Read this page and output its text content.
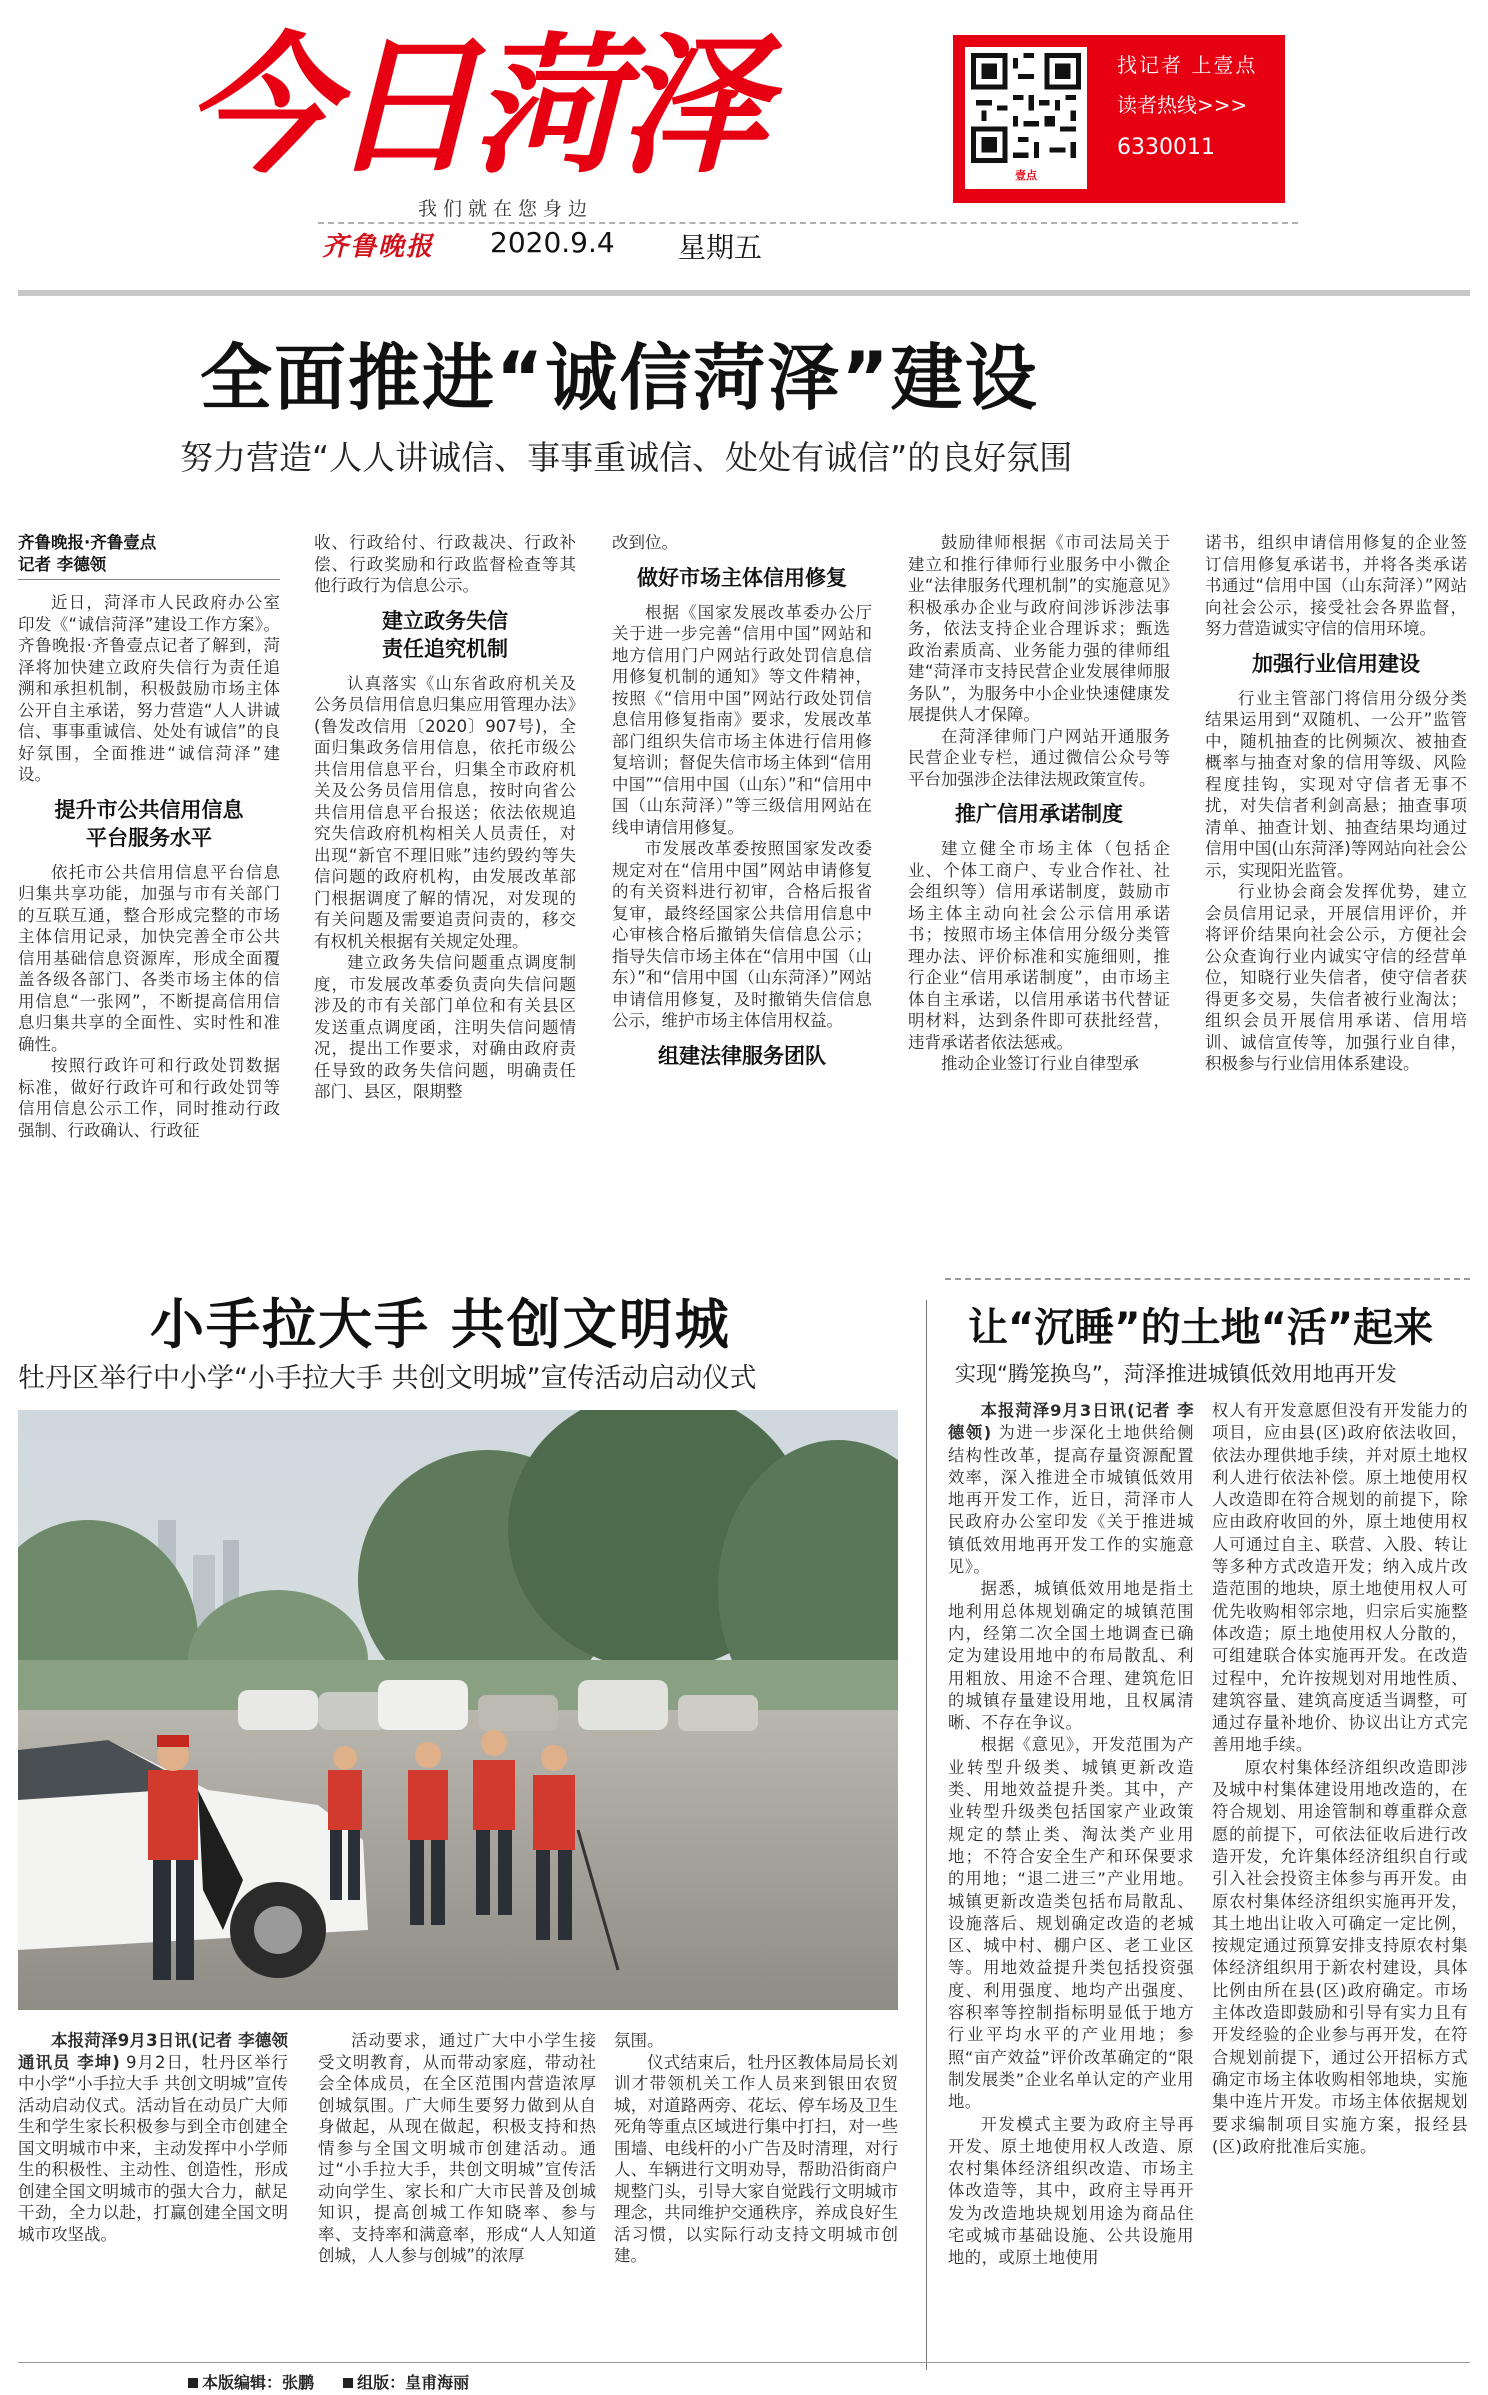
今日菏泽
我们就在您身边
齐鲁晚报 2020.9.4 星期五
壹点
找记者 上壹点
读者热线>>>
6330011
全面推进“诚信菏泽”建设
努力营造“人人讲诚信、事事重诚信、处处有诚信”的良好氛围
齐鲁晚报·齐鲁壹点
记者 李德领

近日，菏泽市人民政府办公室印发《“诚信菏泽”建设工作方案》。齐鲁晚报·齐鲁壹点记者了解到，菏泽将加快建立政府失信行为责任追溯和承担机制，积极鼓励市场主体公开自主承诺，努力营造“人人讲诚信、事事重诚信、处处有诚信”的良好氛围，全面推进“诚信菏泽”建设。

提升市公共信用信息
平台服务水平

依托市公共信用信息平台信息归集共享功能，加强与市有关部门的互联互通，整合形成完整的市场主体信用记录，加快完善全市公共信用基础信息资源库，形成全面覆盖各级各部门、各类市场主体的信用信息“一张网”，不断提高信用信息归集共享的全面性、实时性和准确性。

按照行政许可和行政处罚数据标准，做好行政许可和行政处罚等信用信息公示工作，同时推动行政强制、行政确认、行政征

收、行政给付、行政裁决、行政补偿、行政奖励和行政监督检查等其他行政行为信息公示。

建立政务失信
责任追究机制

认真落实《山东省政府机关及公务员信用信息归集应用管理办法》(鲁发改信用〔2020〕907号)，全面归集政务信用信息，依托市级公共信用信息平台，归集全市政府机关及公务员信用信息，按时向省公共信用信息平台报送；依法依规追究失信政府机构相关人员责任，对出现“新官不理旧账”违约毁约等失信问题的政府机构，由发展改革部门根据调度了解的情况，对发现的有关问题及需要追责问责的，移交有权机关根据有关规定处理。

建立政务失信问题重点调度制度，市发展改革委负责向失信问题涉及的市有关部门单位和有关县区发送重点调度函，注明失信问题情况，提出工作要求，对确由政府责任导致的政务失信问题，明确责任部门、县区，限期整

改到位。

做好市场主体信用修复

根据《国家发展改革委办公厅关于进一步完善“信用中国”网站和地方信用门户网站行政处罚信息信用修复机制的通知》等文件精神，按照《“信用中国”网站行政处罚信息信用修复指南》要求，发展改革部门组织失信市场主体进行信用修复培训；督促失信市场主体到“信用中国”“信用中国（山东）”和“信用中国（山东菏泽）”等三级信用网站在线申请信用修复。

市发展改革委按照国家发改委规定对在“信用中国”网站申请修复的有关资料进行初审，合格后报省复审，最终经国家公共信用信息中心审核合格后撤销失信信息公示；指导失信市场主体在“信用中国（山东）”和“信用中国（山东菏泽）”网站申请信用修复，及时撤销失信信息公示，维护市场主体信用权益。

组建法律服务团队

鼓励律师根据《市司法局关于建立和推行律师行业服务中小微企业“法律服务代理机制”的实施意见》积极承办企业与政府间涉诉涉法事务，依法支持企业合理诉求；甄选政治素质高、业务能力强的律师组建“菏泽市支持民营企业发展律师服务队”，为服务中小企业快速健康发展提供人才保障。

在菏泽律师门户网站开通服务民营企业专栏，通过微信公众号等平台加强涉企法律法规政策宣传。

推广信用承诺制度

建立健全市场主体（包括企业、个体工商户、专业合作社、社会组织等）信用承诺制度，鼓励市场主体主动向社会公示信用承诺书；按照市场主体信用分级分类管理办法、评价标准和实施细则，推行企业“信用承诺制度”，由市场主体自主承诺，以信用承诺书代替证明材料，达到条件即可获批经营，违背承诺者依法惩戒。

推动企业签订行业自律型承

诺书，组织申请信用修复的企业签订信用修复承诺书，并将各类承诺书通过“信用中国（山东菏泽）”网站向社会公示，接受社会各界监督，努力营造诚实守信的信用环境。

加强行业信用建设

行业主管部门将信用分级分类结果运用到“双随机、一公开”监管中，随机抽查的比例频次、被抽查概率与抽查对象的信用等级、风险程度挂钩，实现对守信者无事不扰，对失信者利剑高悬；抽查事项清单、抽查计划、抽查结果均通过信用中国(山东菏泽)等网站向社会公示，实现阳光监管。

行业协会商会发挥优势，建立会员信用记录，开展信用评价，并将评价结果向社会公示，方便社会公众查询行业内诚实守信的经营单位，知晓行业失信者，使守信者获得更多交易，失信者被行业淘汰；组织会员开展信用承诺、信用培训、诚信宣传等，加强行业自律，积极参与行业信用体系建设。

小手拉大手 共创文明城
牡丹区举行中小学“小手拉大手 共创文明城”宣传活动启动仪式

本报菏泽9月3日讯(记者 李德领 通讯员 李坤) 9月2日，牡丹区举行中小学“小手拉大手 共创文明城”宣传活动启动仪式。活动旨在动员广大师生和学生家长积极参与到全市创建全国文明城市中来，主动发挥中小学师生的积极性、主动性、创造性，形成创建全国文明城市的强大合力，献足干劲，全力以赴，打赢创建全国文明城市攻坚战。

活动要求，通过广大中小学生接受文明教育，从而带动家庭，带动社会全体成员，在全区范围内营造浓厚创城氛围。广大师生要努力做到从自身做起，从现在做起，积极支持和热情参与全国文明城市创建活动。通过“小手拉大手，共创文明城”宣传活动向学生、家长和广大市民普及创城知识，提高创城工作知晓率、参与率、支持率和满意率，形成“人人知道创城，人人参与创城”的浓厚

氛围。

仪式结束后，牡丹区教体局局长刘训才带领机关工作人员来到银田农贸城，对道路两旁、花坛、停车场及卫生死角等重点区域进行集中打扫，对一些围墙、电线杆的小广告及时清理，对行人、车辆进行文明劝导，帮助沿街商户规整门头，引导大家自觉践行文明城市理念，共同维护交通秩序，养成良好生活习惯，以实际行动支持文明城市创建。

让“沉睡”的土地“活”起来
实现“腾笼换鸟”，菏泽推进城镇低效用地再开发

本报菏泽9月3日讯(记者 李德领) 为进一步深化土地供给侧结构性改革，提高存量资源配置效率，深入推进全市城镇低效用地再开发工作，近日，菏泽市人民政府办公室印发《关于推进城镇低效用地再开发工作的实施意见》。

据悉，城镇低效用地是指土地利用总体规划确定的城镇范围内，经第二次全国土地调查已确定为建设用地中的布局散乱、利用粗放、用途不合理、建筑危旧的城镇存量建设用地，且权属清晰、不存在争议。

根据《意见》，开发范围为产业转型升级类、城镇更新改造类、用地效益提升类。其中，产业转型升级类包括国家产业政策规定的禁止类、淘汰类产业用地；不符合安全生产和环保要求的用地；“退二进三”产业用地。城镇更新改造类包括布局散乱、设施落后、规划确定改造的老城区、城中村、棚户区、老工业区等。用地效益提升类包括投资强度、利用强度、地均产出强度、容积率等控制指标明显低于地方行业平均水平的产业用地；参照“亩产效益”评价改革确定的“限制发展类”企业名单认定的产业用地。

开发模式主要为政府主导再开发、原土地使用权人改造、原农村集体经济组织改造、市场主体改造等，其中，政府主导再开发为改造地块规划用途为商品住宅或城市基础设施、公共设施用地的，或原土地使用

权人有开发意愿但没有开发能力的项目，应由县(区)政府依法收回，依法办理供地手续，并对原土地权利人进行依法补偿。原土地使用权人改造即在符合规划的前提下，除应由政府收回的外，原土地使用权人可通过自主、联营、入股、转让等多种方式改造开发；纳入成片改造范围的地块，原土地使用权人可优先收购相邻宗地，归宗后实施整体改造；原土地使用权人分散的，可组建联合体实施再开发。在改造过程中，允许按规划对用地性质、建筑容量、建筑高度适当调整，可通过存量补地价、协议出让方式完善用地手续。

原农村集体经济组织改造即涉及城中村集体建设用地改造的，在符合规划、用途管制和尊重群众意愿的前提下，可依法征收后进行改造开发，允许集体经济组织自行或引入社会投资主体参与再开发。由原农村集体经济组织实施再开发，其土地出让收入可确定一定比例，按规定通过预算安排支持原农村集体经济组织用于新农村建设，具体比例由所在县(区)政府确定。市场主体改造即鼓励和引导有实力且有开发经验的企业参与再开发，在符合规划前提下，通过公开招标方式确定市场主体收购相邻地块，实施集中连片开发。市场主体依据规划要求编制项目实施方案，报经县(区)政府批准后实施。

本版编辑：张鹏	组版：皇甫海丽
